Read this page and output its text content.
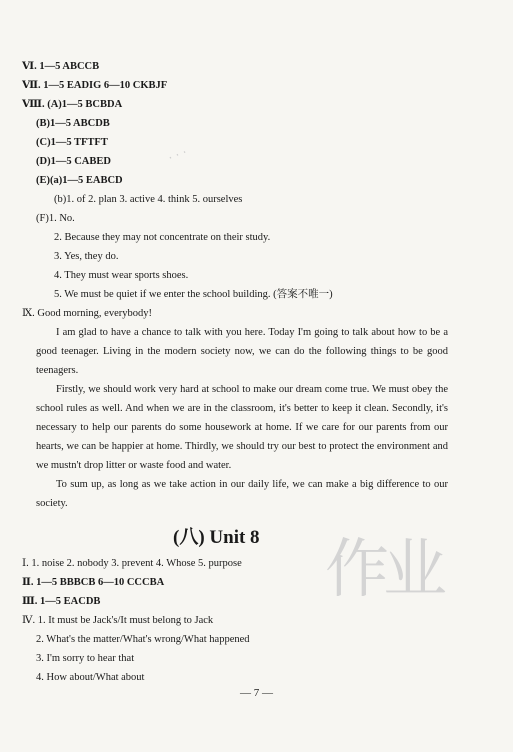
Ⅵ. 1—5 ABCCB
Ⅶ. 1—5 EADIG 6—10 CKBJF
Ⅷ. (A)1—5 BCBDA
(B)1—5 ABCDB
(C)1—5 TFTFT
(D)1—5 CABED
(E)(a)1—5 EABCD
(b)1. of 2. plan 3. active 4. think 5. ourselves
(F)1. No.
2. Because they may not concentrate on their study.
3. Yes, they do.
4. They must wear sports shoes.
5. We must be quiet if we enter the school building. (答案不唯一)
Ⅸ. Good morning, everybody!

I am glad to have a chance to talk with you here. Today I'm going to talk about how to be a good teenager. Living in the modern society now, we can do the following things to be good teenagers.

Firstly, we should work very hard at school to make our dream come true. We must obey the school rules as well. And when we are in the classroom, it's better to keep it clean. Secondly, it's necessary to help our parents do some housework at home. If we care for our parents from our hearts, we can be happier at home. Thirdly, we should try our best to protect the environment and we mustn't drop litter or waste food and water.

To sum up, as long as we take action in our daily life, we can make a big difference to our society.

· · ·
作业
(八) Unit 8
Ⅰ. 1. noise 2. nobody 3. prevent 4. Whose 5. purpose
Ⅱ. 1—5 BBBCB 6—10 CCCBA
Ⅲ. 1—5 EACDB
Ⅳ. 1. It must be Jack's/It must belong to Jack
2. What's the matter/What's wrong/What happened
3. I'm sorry to hear that
4. How about/What about
— 7 —
